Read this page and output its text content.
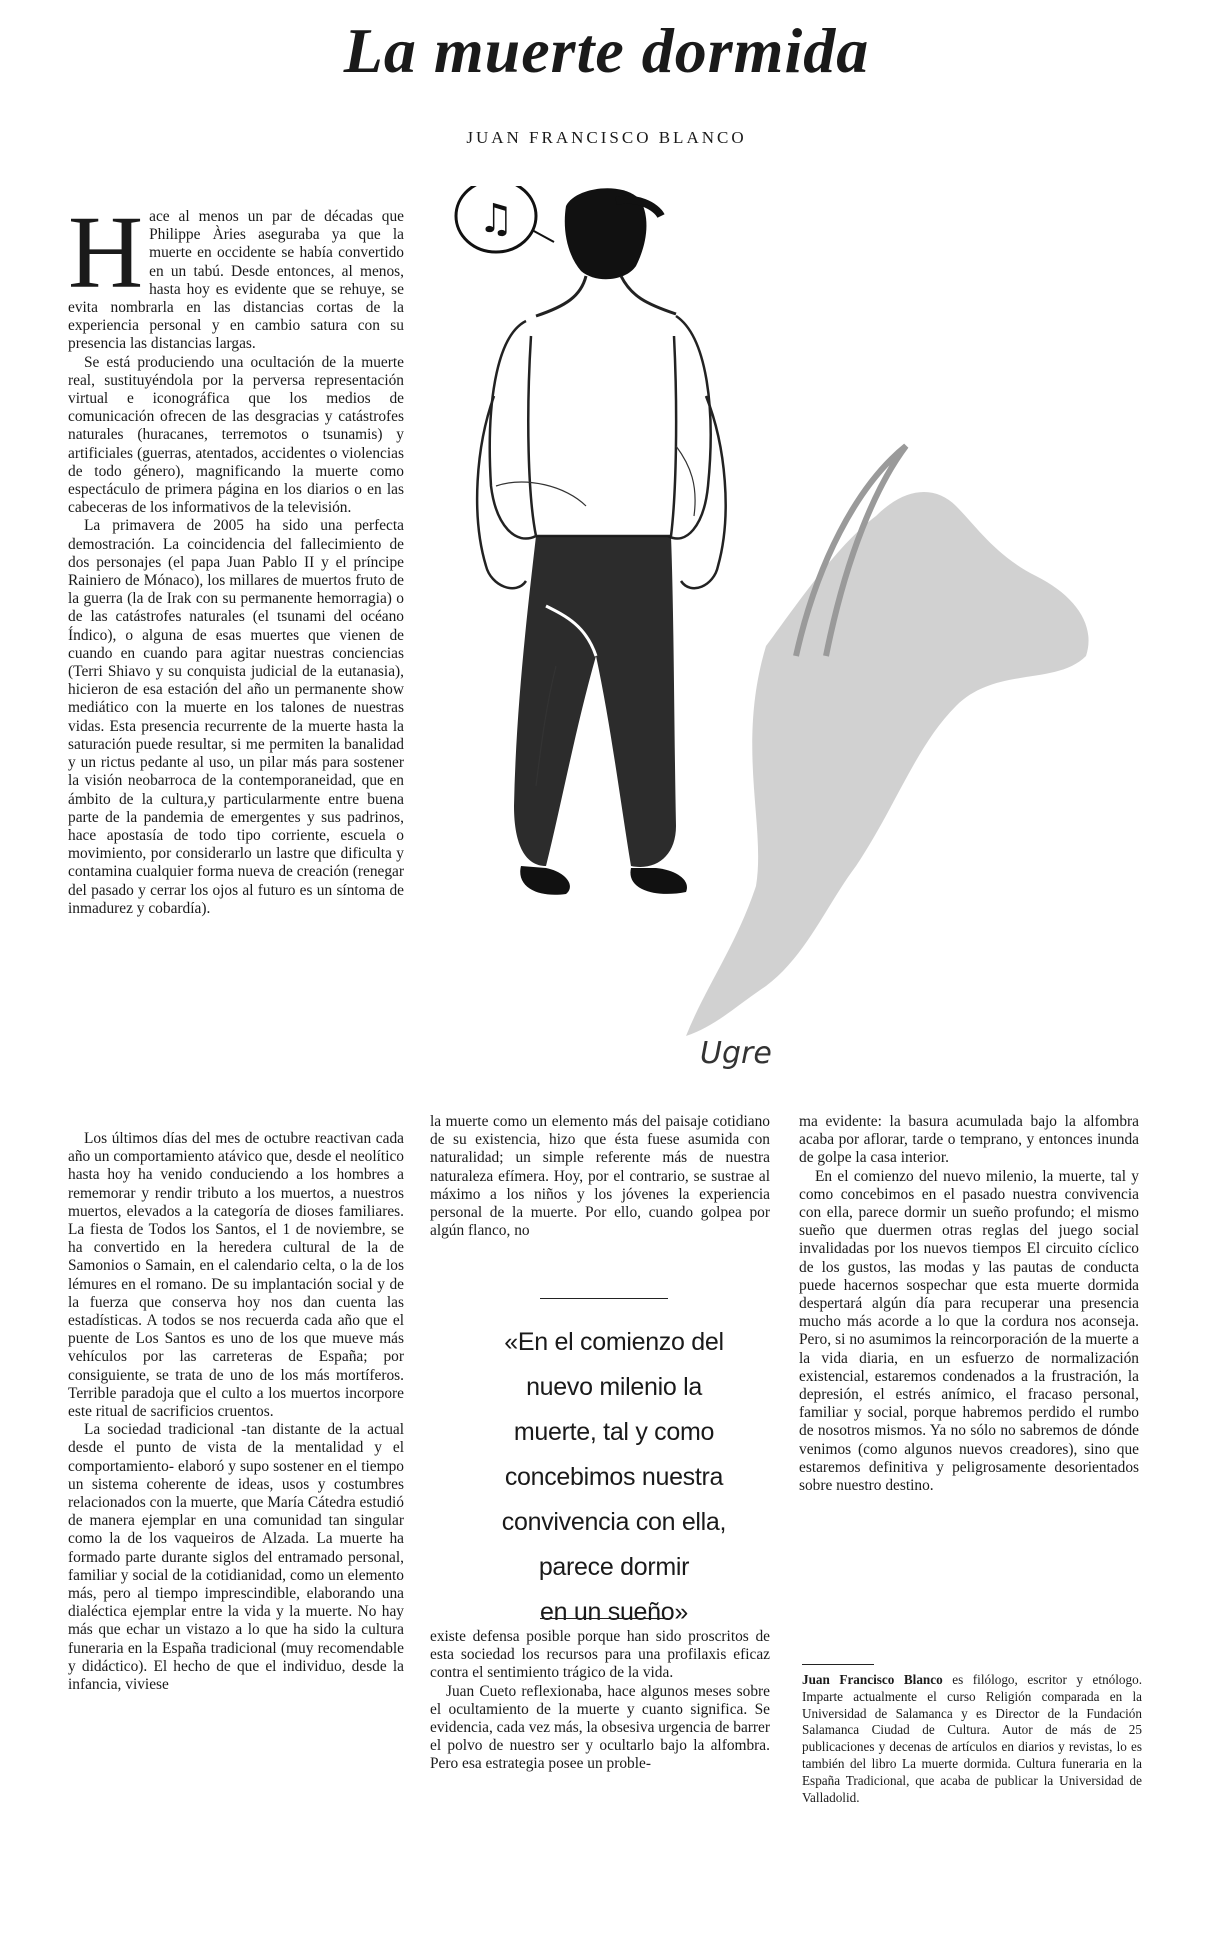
La muerte dormida
JUAN FRANCISCO BLANCO

Hace al menos un par de décadas que Philippe Àries aseguraba ya que la muerte en occidente se había convertido en un tabú. Desde entonces, al menos, hasta hoy es evidente que se rehuye, se evita nombrarla en las distancias cortas de la experiencia personal y en cambio satura con su presencia las distancias largas.

Se está produciendo una ocultación de la muerte real, sustituyéndola por la perversa representación virtual e iconográfica que los medios de comunicación ofrecen de las desgracias y catástrofes naturales (huracanes, terremotos o tsunamis) y artificiales (guerras, atentados, accidentes o violencias de todo género), magnificando la muerte como espectáculo de primera página en los diarios o en las cabeceras de los informativos de la televisión.

La primavera de 2005 ha sido una perfecta demostración. La coincidencia del fallecimiento de dos personajes (el papa Juan Pablo II y el príncipe Rainiero de Mónaco), los millares de muertos fruto de la guerra (la de Irak con su permanente hemorragia) o de las catástrofes naturales (el tsunami del océano Índico), o alguna de esas muertes que vienen de cuando en cuando para agitar nuestras conciencias (Terri Shiavo y su conquista judicial de la eutanasia), hicieron de esa estación del año un permanente show mediático con la muerte en los talones de nuestras vidas. Esta presencia recurrente de la muerte hasta la saturación puede resultar, si me permiten la banalidad y un rictus pedante al uso, un pilar más para sostener la visión neobarroca de la contemporaneidad, que en ámbito de la cultura,y particularmente entre buena parte de la pandemia de emergentes y sus padrinos, hace apostasía de todo tipo corriente, escuela o movimiento, por considerarlo un lastre que dificulta y contamina cualquier forma nueva de creación (renegar del pasado y cerrar los ojos al futuro es un síntoma de inmadurez y cobardía).

Los últimos días del mes de octubre reactivan cada año un comportamiento atávico que, desde el neolítico hasta hoy ha venido conduciendo a los hombres a rememorar y rendir tributo a los muertos, a nuestros muertos, elevados a la categoría de dioses familiares. La fiesta de Todos los Santos, el 1 de noviembre, se ha convertido en la heredera cultural de la de Samonios o Samain, en el calendario celta, o la de los lémures en el romano. De su implantación social y de la fuerza que conserva hoy nos dan cuenta las estadísticas. A todos se nos recuerda cada año que el puente de Los Santos es uno de los que mueve más vehículos por las carreteras de España; por consiguiente, se trata de uno de los más mortíferos. Terrible paradoja que el culto a los muertos incorpore este ritual de sacrificios cruentos.

La sociedad tradicional -tan distante de la actual desde el punto de vista de la mentalidad y el comportamiento- elaboró y supo sostener en el tiempo un sistema coherente de ideas, usos y costumbres relacionados con la muerte, que María Cátedra estudió de manera ejemplar en una comunidad tan singular como la de los vaqueiros de Alzada. La muerte ha formado parte durante siglos del entramado personal, familiar y social de la cotidianidad, como un elemento más, pero al tiempo imprescindible, elaborando una dialéctica ejemplar entre la vida y la muerte. No hay más que echar un vistazo a lo que ha sido la cultura funeraria en la España tradicional (muy recomendable y didáctico). El hecho de que el individuo, desde la infancia, viviese

la muerte como un elemento más del paisaje cotidiano de su existencia, hizo que ésta fuese asumida con naturalidad; un simple referente más de nuestra naturaleza efímera. Hoy, por el contrario, se sustrae al máximo a los niños y los jóvenes la experiencia personal de la muerte. Por ello, cuando golpea por algún flanco, no

«En el comienzo del
nuevo milenio la
muerte, tal y como
concebimos nuestra
convivencia con ella,
parece dormir
en un sueño»

existe defensa posible porque han sido proscritos de esta sociedad los recursos para una profilaxis eficaz contra el sentimiento trágico de la vida.

Juan Cueto reflexionaba, hace algunos meses sobre el ocultamiento de la muerte y cuanto significa. Se evidencia, cada vez más, la obsesiva urgencia de barrer el polvo de nuestro ser y ocultarlo bajo la alfombra. Pero esa estrategia posee un proble-

ma evidente: la basura acumulada bajo la alfombra acaba por aflorar, tarde o temprano, y entonces inunda de golpe la casa interior.

En el comienzo del nuevo milenio, la muerte, tal y como concebimos en el pasado nuestra convivencia con ella, parece dormir un sueño profundo; el mismo sueño que duermen otras reglas del juego social invalidadas por los nuevos tiempos El circuito cíclico de los gustos, las modas y las pautas de conducta puede hacernos sospechar que esta muerte dormida despertará algún día para recuperar una presencia mucho más acorde a lo que la cordura nos aconseja. Pero, si no asumimos la reincorporación de la muerte a la vida diaria, en un esfuerzo de normalización existencial, estaremos condenados a la frustración, la depresión, el estrés anímico, el fracaso personal, familiar y social, porque habremos perdido el rumbo de nosotros mismos. Ya no sólo no sabremos de dónde venimos (como algunos nuevos creadores), sino que estaremos definitiva y peligrosamente desorientados sobre nuestro destino.

Juan Francisco Blanco es filólogo, escritor y etnólogo. Imparte actualmente el curso Religión comparada en la Universidad de Salamanca y es Director de la Fundación Salamanca Ciudad de Cultura. Autor de más de 25 publicaciones y decenas de artículos en diarios y revistas, lo es también del libro La muerte dormida. Cultura funeraria en la España Tradicional, que acaba de publicar la Universidad de Valladolid.
♫
Ugre
